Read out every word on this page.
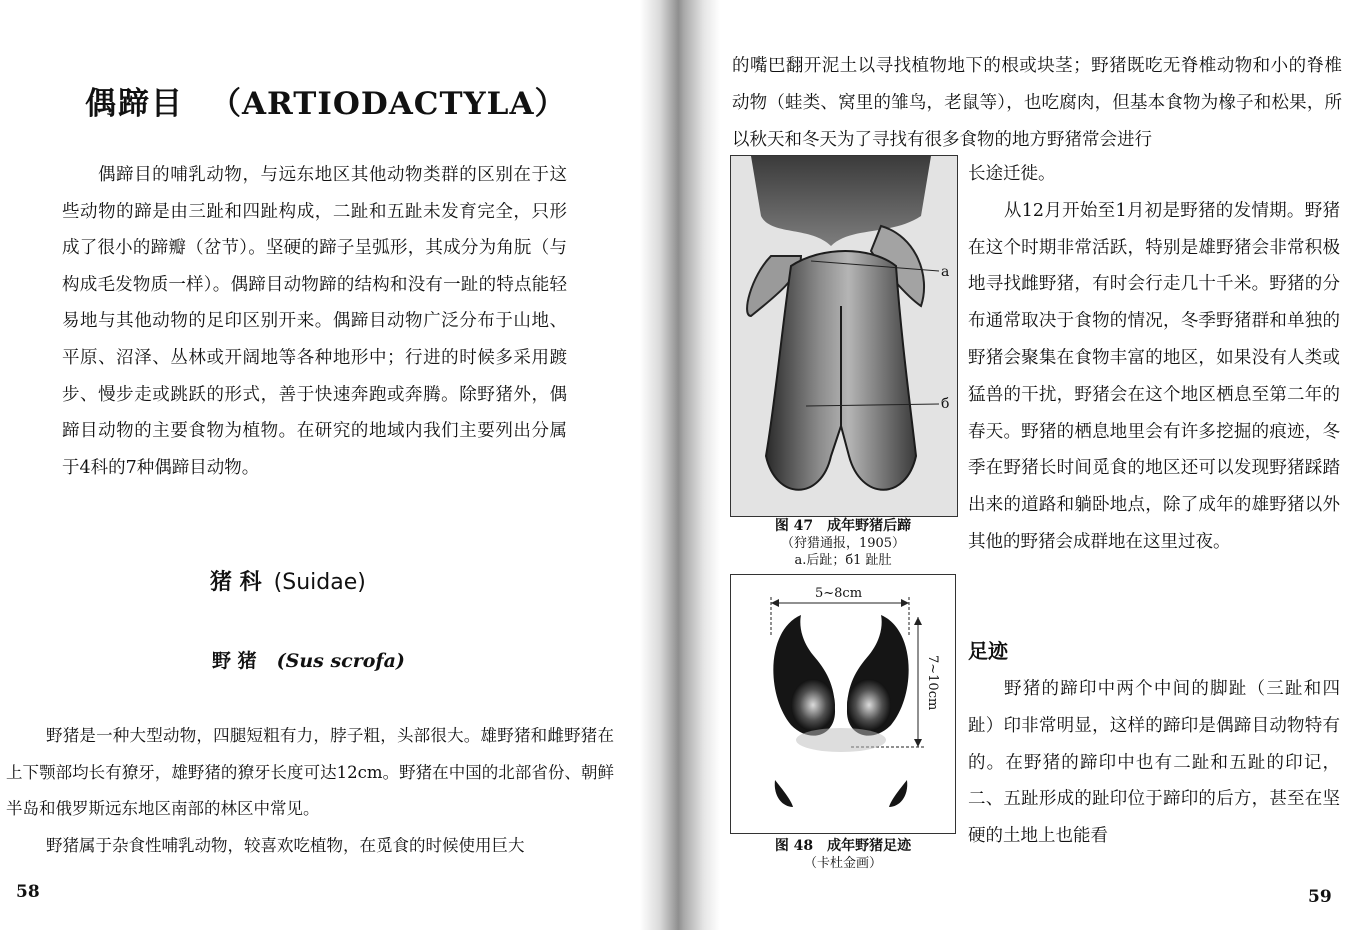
偶蹄目 （ARTIODACTYLA）

偶蹄目的哺乳动物，与远东地区其他动物类群的区别在于这些动物的蹄是由三趾和四趾构成，二趾和五趾未发育完全，只形成了很小的蹄瓣（岔节）。坚硬的蹄子呈弧形，其成分为角朊（与构成毛发物质一样）。偶蹄目动物蹄的结构和没有一趾的特点能轻易地与其他动物的足印区别开来。偶蹄目动物广泛分布于山地、平原、沼泽、丛林或开阔地等各种地形中；行进的时候多采用踱步、慢步走或跳跃的形式，善于快速奔跑或奔腾。除野猪外，偶蹄目动物的主要食物为植物。在研究的地域内我们主要列出分属于4科的7种偶蹄目动物。

猪 科 (Suidae)
野 猪 (Sus scrofa)
野猪是一种大型动物，四腿短粗有力，脖子粗，头部很大。雄野猪和雌野猪在上下颚部均长有獠牙，雄野猪的獠牙长度可达12cm。野猪在中国的北部省份、朝鲜半岛和俄罗斯远东地区南部的林区中常见。
野猪属于杂食性哺乳动物，较喜欢吃植物，在觅食的时候使用巨大
58

的嘴巴翻开泥土以寻找植物地下的根或块茎；野猪既吃无脊椎动物和小的脊椎动物（蛙类、窝里的雏鸟，老鼠等），也吃腐肉，但基本食物为橡子和松果，所以秋天和冬天为了寻找有很多食物的地方野猪常会进行

a
б
图 47　成年野猪后蹄
（狩猎通报，1905）
a.后趾；б1 趾肚
5~8cm
7~10cm
图 48　成年野猪足迹
（卡杜金画）
长途迁徙。
从12月开始至1月初是野猪的发情期。野猪在这个时期非常活跃，特别是雄野猪会非常积极地寻找雌野猪，有时会行走几十千米。野猪的分布通常取决于食物的情况，冬季野猪群和单独的野猪会聚集在食物丰富的地区，如果没有人类或猛兽的干扰，野猪会在这个地区栖息至第二年的春天。野猪的栖息地里会有许多挖掘的痕迹，冬季在野猪长时间觅食的地区还可以发现野猪踩踏出来的道路和躺卧地点，除了成年的雄野猪以外其他的野猪会成群地在这里过夜。
足迹

野猪的蹄印中两个中间的脚趾（三趾和四趾）印非常明显，这样的蹄印是偶蹄目动物特有的。在野猪的蹄印中也有二趾和五趾的印记，二、五趾形成的趾印位于蹄印的后方，甚至在坚硬的土地上也能看

59
